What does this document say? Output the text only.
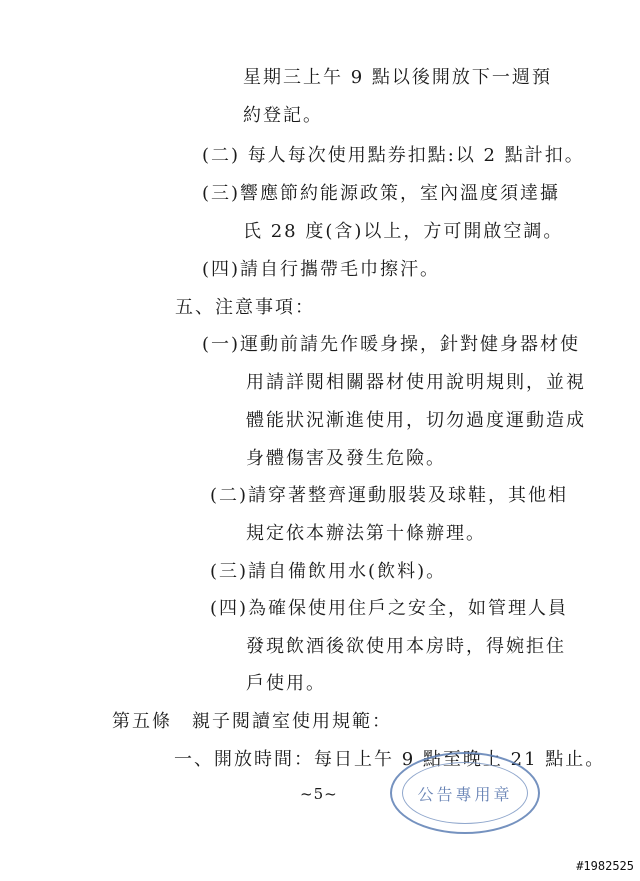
星期三上午 9 點以後開放下一週預
約登記。
(二) 每人每次使用點券扣點:以 2 點計扣。
(三)響應節約能源政策，室內溫度須達攝
氏 28 度(含)以上，方可開啟空調。
(四)請自行攜帶毛巾擦汗。
五、注意事項：
(一)運動前請先作暖身操，針對健身器材使
用請詳閱相關器材使用說明規則，並視
體能狀況漸進使用，切勿過度運動造成
身體傷害及發生危險。
(二)請穿著整齊運動服裝及球鞋，其他相
規定依本辦法第十條辦理。
(三)請自備飲用水(飲料)。
(四)為確保使用住戶之安全，如管理人員
發現飲酒後欲使用本房時，得婉拒住
戶使用。
第五條　親子閱讀室使用規範：
一、開放時間：每日上午 9 點至晚上 21 點止。
公告專用章
~5~
#1982525
